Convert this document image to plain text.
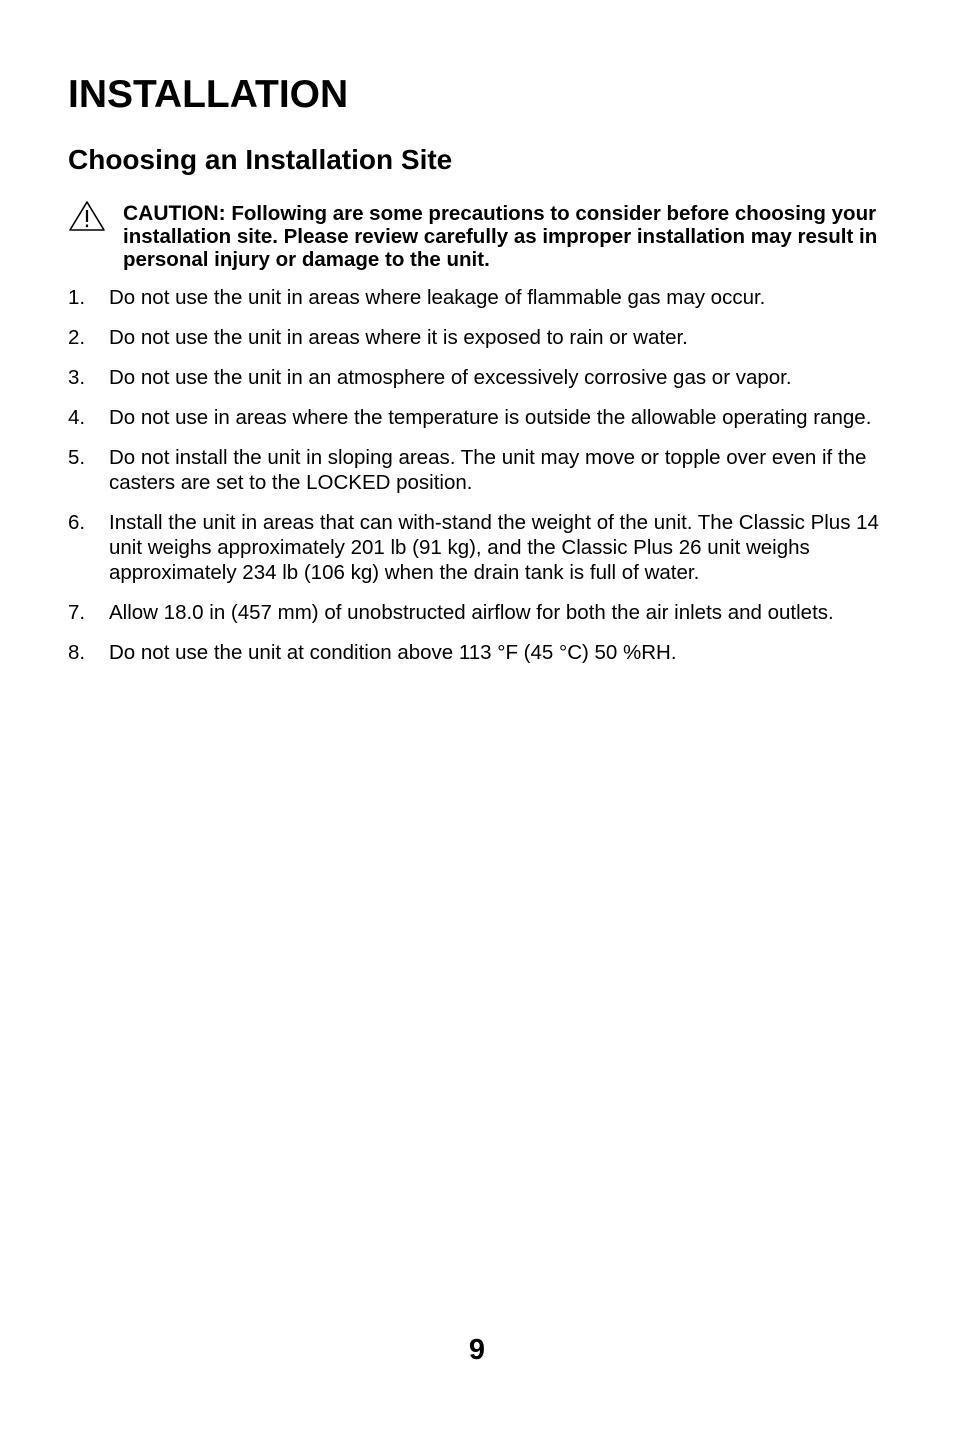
INSTALLATION
Choosing an Installation Site
CAUTION: Following are some precautions to consider before choosing your installation site. Please review carefully as improper installation may result in personal injury or damage to the unit.
1. Do not use the unit in areas where leakage of flammable gas may occur.
2. Do not use the unit in areas where it is exposed to rain or water.
3. Do not use the unit in an atmosphere of excessively corrosive gas or vapor.
4. Do not use in areas where the temperature is outside the allowable operating range.
5. Do not install the unit in sloping areas. The unit may move or topple over even if the casters are set to the LOCKED position.
6. Install the unit in areas that can with-stand the weight of the unit. The Classic Plus 14 unit weighs approximately 201 lb (91 kg), and the Classic Plus 26 unit weighs approximately 234 lb (106 kg) when the drain tank is full of water.
7. Allow 18.0 in (457 mm) of unobstructed airflow for both the air inlets and outlets.
8. Do not use the unit at condition above 113 °F (45 °C) 50 %RH.
9
